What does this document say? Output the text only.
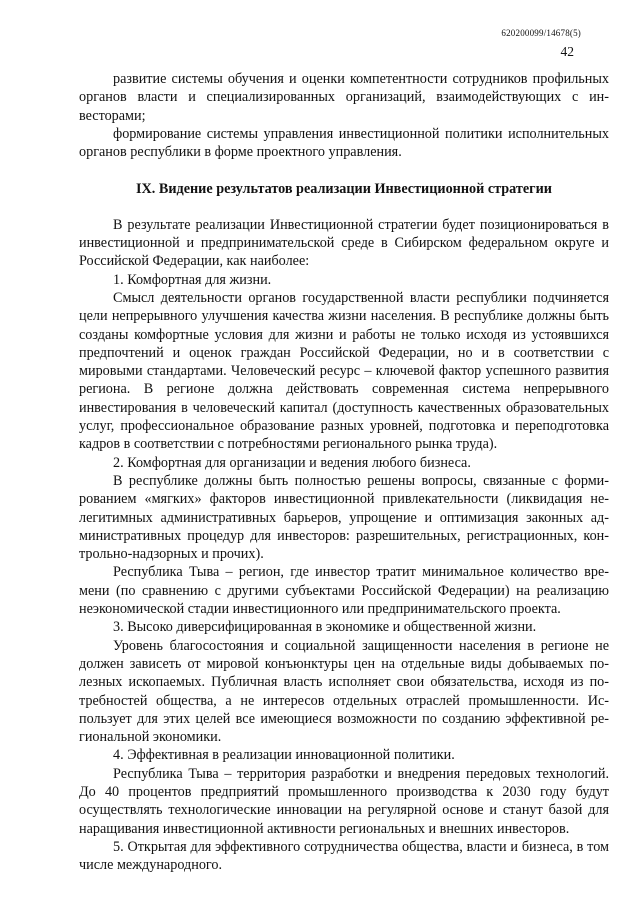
620200099/14678(5)
42

развитие системы обучения и оценки компетентности сотрудников профильных органов власти и специализированных организаций, взаимодействующих с инвесторами;

формирование системы управления инвестиционной политики исполнительных органов республики в форме проектного управления.

IX. Видение результатов реализации Инвестиционной стратегии

В результате реализации Инвестиционной стратегии будет позиционироваться в инвестиционной и предпринимательской среде в Сибирском федеральном округе и Российской Федерации, как наиболее:

1. Комфортная для жизни.

Смысл деятельности органов государственной власти республики подчиняется цели непрерывного улучшения качества жизни населения. В республике должны быть созданы комфортные условия для жизни и работы не только исходя из устоявшихся предпочтений и оценок граждан Российской Федерации, но и в соответствии с мировыми стандартами. Человеческий ресурс – ключевой фактор успешного развития региона. В регионе должна действовать современная система непрерывного инвестирования в человеческий капитал (доступность качественных образовательных услуг, профессиональное образование разных уровней, подготовка и переподготовка кадров в соответствии с потребностями регионального рынка труда).

2. Комфортная для организации и ведения любого бизнеса.

В республике должны быть полностью решены вопросы, связанные с формированием «мягких» факторов инвестиционной привлекательности (ликвидация нелегитимных административных барьеров, упрощение и оптимизация законных административных процедур для инвесторов: разрешительных, регистрационных, контрольно-надзорных и прочих).

Республика Тыва – регион, где инвестор тратит минимальное количество времени (по сравнению с другими субъектами Российской Федерации) на реализацию неэкономической стадии инвестиционного или предпринимательского проекта.

3. Высоко диверсифицированная в экономике и общественной жизни.

Уровень благосостояния и социальной защищенности населения в регионе не должен зависеть от мировой конъюнктуры цен на отдельные виды добываемых полезных ископаемых. Публичная власть исполняет свои обязательства, исходя из потребностей общества, а не интересов отдельных отраслей промышленности. Использует для этих целей все имеющиеся возможности по созданию эффективной региональной экономики.

4. Эффективная в реализации инновационной политики.

Республика Тыва – территория разработки и внедрения передовых технологий. До 40 процентов предприятий промышленного производства к 2030 году будут осуществлять технологические инновации на регулярной основе и станут базой для наращивания инвестиционной активности региональных и внешних инвесторов.

5. Открытая для эффективного сотрудничества общества, власти и бизнеса, в том числе международного.
